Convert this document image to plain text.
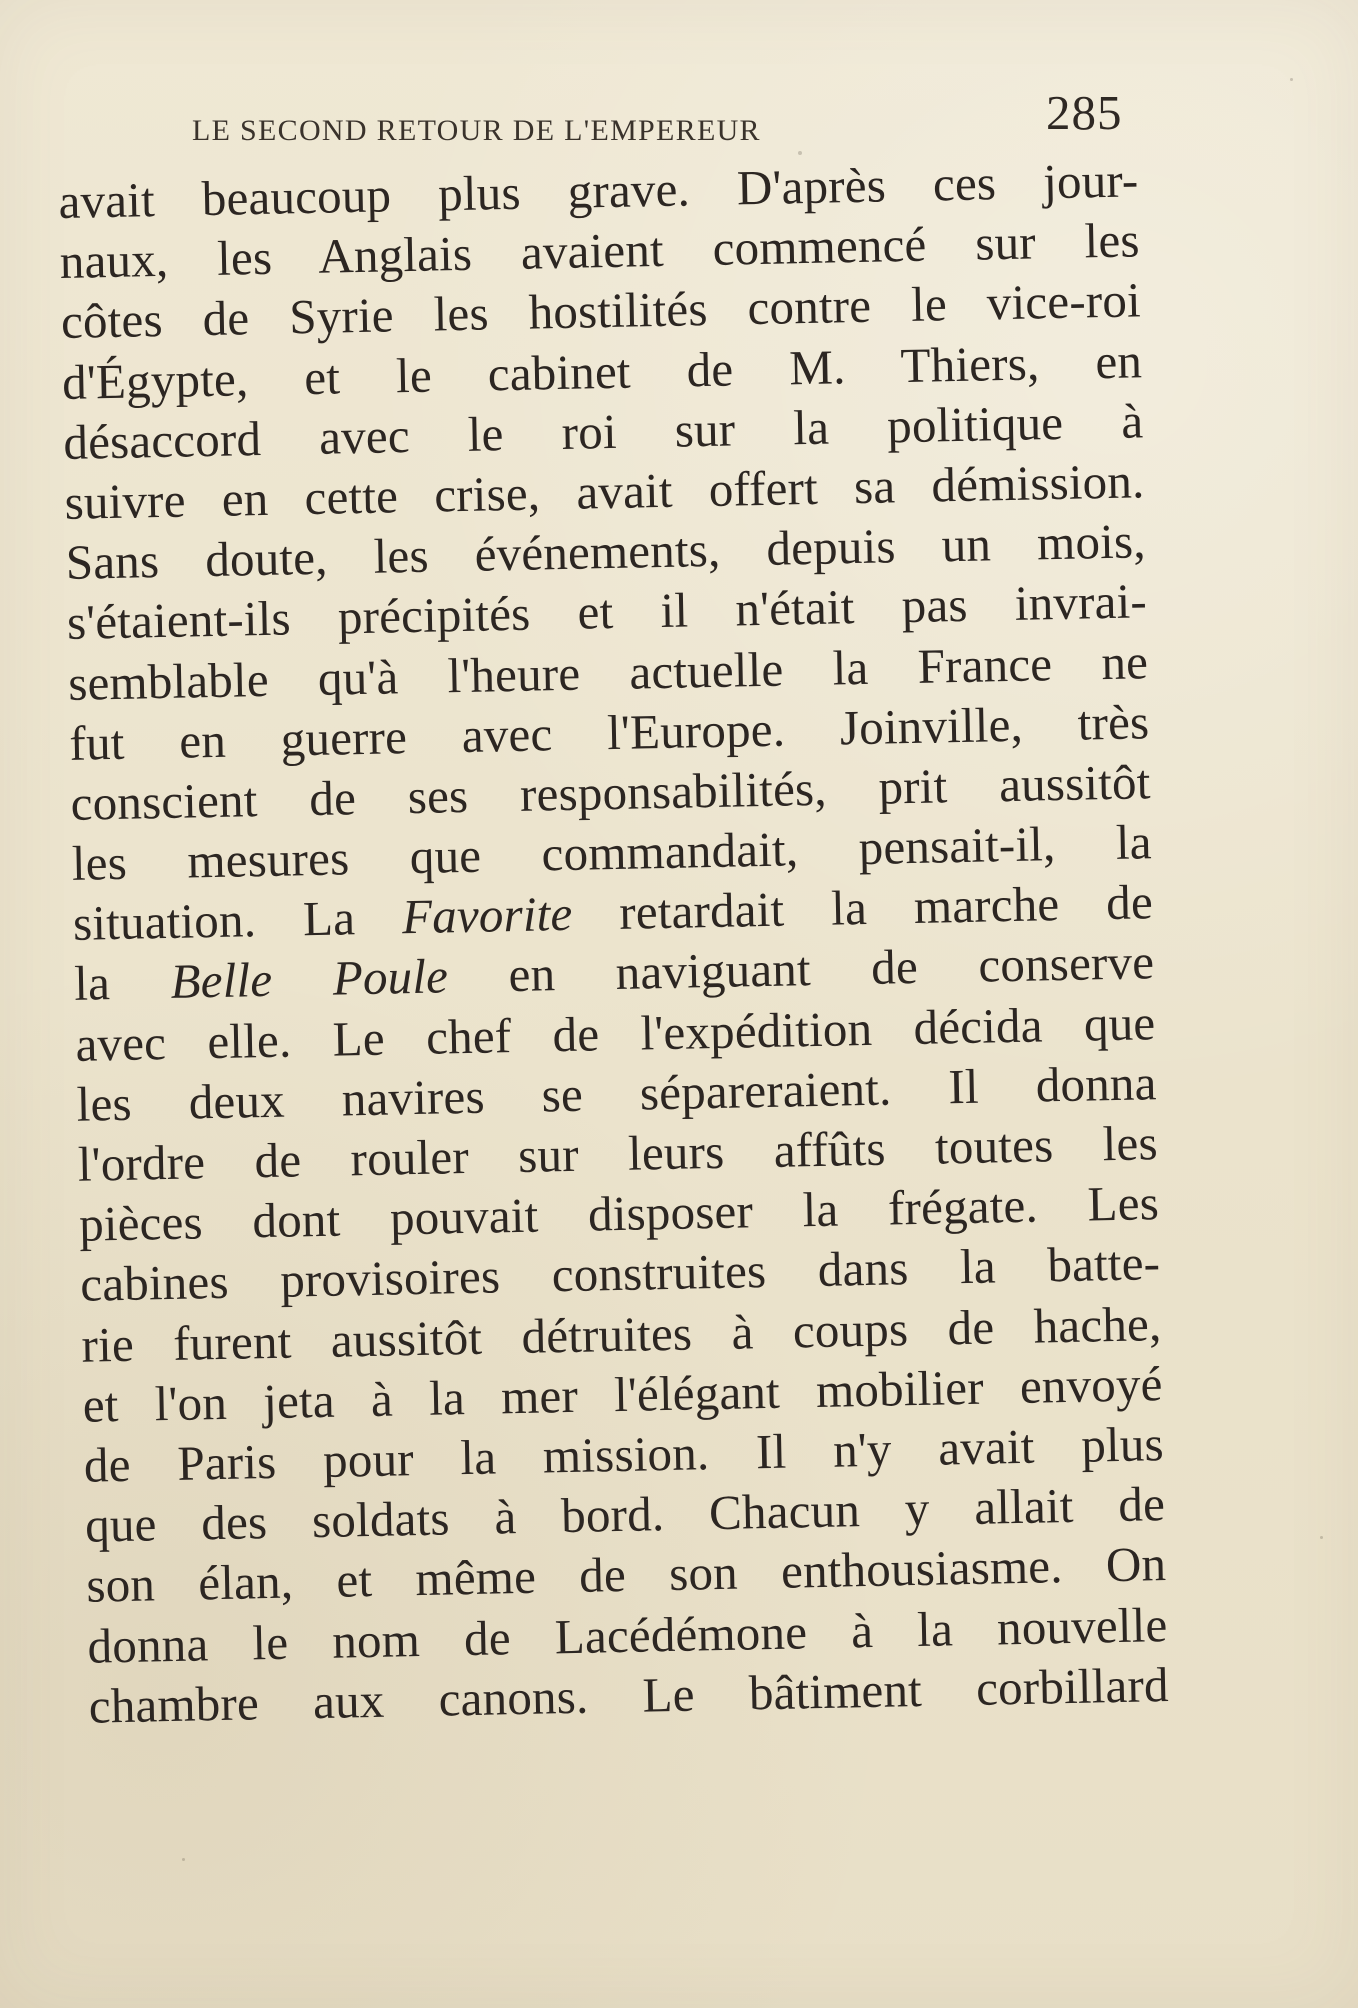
LE SECOND RETOUR DE L'EMPEREUR	285
avait beaucoup plus grave. D'après ces jour-
naux, les Anglais avaient commencé sur les
côtes de Syrie les hostilités contre le vice-roi
d'Égypte, et le cabinet de M. Thiers, en
désaccord avec le roi sur la politique à
suivre en cette crise, avait offert sa démission.
Sans doute, les événements, depuis un mois,
s'étaient-ils précipités et il n'était pas invrai-
semblable qu'à l'heure actuelle la France ne
fut en guerre avec l'Europe. Joinville, très
conscient de ses responsabilités, prit aussitôt
les mesures que commandait, pensait-il, la
situation. La Favorite retardait la marche de
la Belle Poule en naviguant de conserve
avec elle. Le chef de l'expédition décida que
les deux navires se sépareraient. Il donna
l'ordre de rouler sur leurs affûts toutes les
pièces dont pouvait disposer la frégate. Les
cabines provisoires construites dans la batte-
rie furent aussitôt détruites à coups de hache,
et l'on jeta à la mer l'élégant mobilier envoyé
de Paris pour la mission. Il n'y avait plus
que des soldats à bord. Chacun y allait de
son élan, et même de son enthousiasme. On
donna le nom de Lacédémone à la nouvelle
chambre aux canons. Le bâtiment corbillard
